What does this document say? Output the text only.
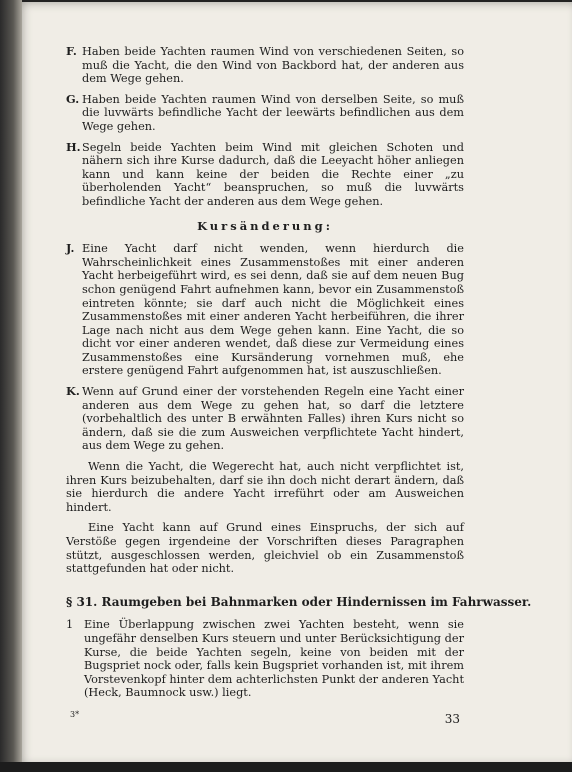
F. Haben beide Yachten raumen Wind von verschiedenen Seiten, so muß die Yacht, die den Wind von Backbord hat, der anderen aus dem Wege gehen.
G. Haben beide Yachten raumen Wind von derselben Seite, so muß die luvwärts befindliche Yacht der leewärts befindlichen aus dem Wege gehen.
H. Segeln beide Yachten beim Wind mit gleichen Schoten und nähern sich ihre Kurse dadurch, daß die Leeyacht höher anliegen kann und kann keine der beiden die Rechte einer „zu überholenden Yacht“ beanspruchen, so muß die luvwärts befindliche Yacht der anderen aus dem Wege gehen.
Kursänderung:
J. Eine Yacht darf nicht wenden, wenn hierdurch die Wahrscheinlichkeit eines Zusammenstoßes mit einer anderen Yacht herbeigeführt wird, es sei denn, daß sie auf dem neuen Bug schon genügend Fahrt aufnehmen kann, bevor ein Zusammenstoß eintreten könnte; sie darf auch nicht die Möglichkeit eines Zusammenstoßes mit einer anderen Yacht herbeiführen, die ihrer Lage nach nicht aus dem Wege gehen kann. Eine Yacht, die so dicht vor einer anderen wendet, daß diese zur Vermeidung eines Zusammenstoßes eine Kursänderung vornehmen muß, ehe erstere genügend Fahrt aufgenommen hat, ist auszuschließen.
K. Wenn auf Grund einer der vorstehenden Regeln eine Yacht einer anderen aus dem Wege zu gehen hat, so darf die letztere (vorbehaltlich des unter B erwähnten Falles) ihren Kurs nicht so ändern, daß sie die zum Ausweichen verpflichtete Yacht hindert, aus dem Wege zu gehen.

Wenn die Yacht, die Wegerecht hat, auch nicht verpflichtet ist, ihren Kurs beizubehalten, darf sie ihn doch nicht derart ändern, daß sie hierdurch die andere Yacht irreführt oder am Ausweichen hindert.

Eine Yacht kann auf Grund eines Einspruchs, der sich auf Verstöße gegen irgendeine der Vorschriften dieses Paragraphen stützt, ausgeschlossen werden, gleichviel ob ein Zusammenstoß stattgefunden hat oder nicht.

§ 31. Raumgeben bei Bahnmarken oder Hindernissen im Fahrwasser.
1 Eine Überlappung zwischen zwei Yachten besteht, wenn sie ungefähr denselben Kurs steuern und unter Berücksichtigung der Kurse, die beide Yachten segeln, keine von beiden mit der Bugspriet nock oder, falls kein Bugspriet vorhanden ist, mit ihrem Vorstevenkopf hinter dem achterlichsten Punkt der anderen Yacht (Heck, Baumnock usw.) liegt.
3*	33
